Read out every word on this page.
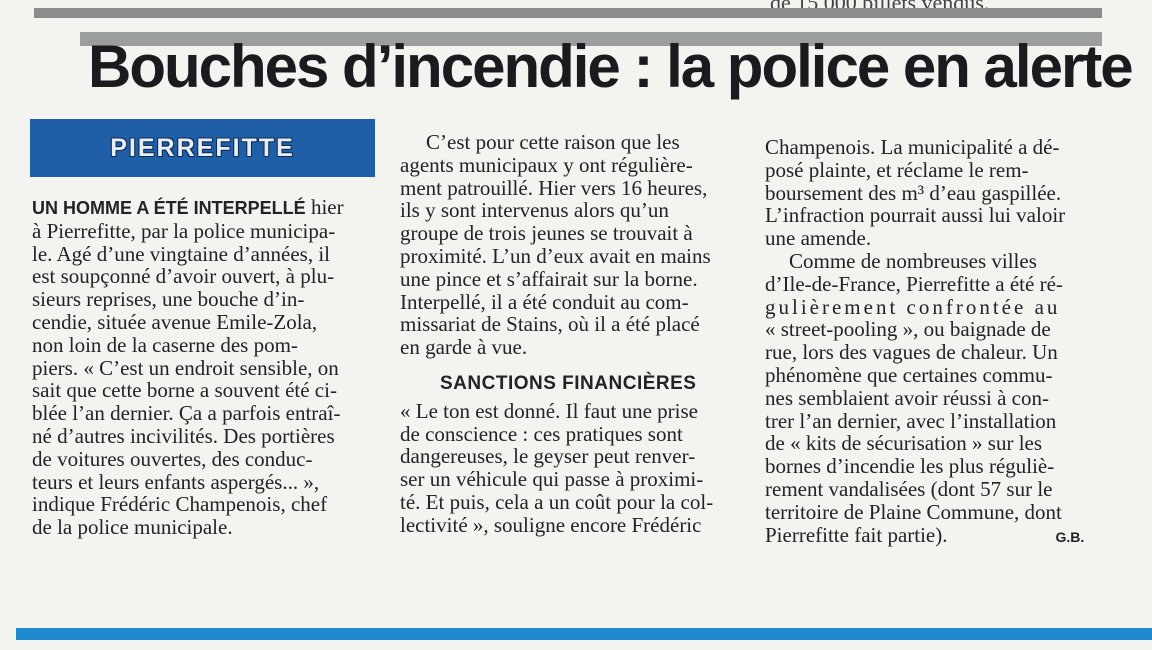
Bouches d’incendie : la police en alerte
PIERREFITTE
UN HOMME A ÉTÉ INTERPELLÉ hier
à Pierrefitte, par la police municipa-
le. Agé d’une vingtaine d’années, il
est soupçonné d’avoir ouvert, à plu-
sieurs reprises, une bouche d’in-
cendie, située avenue Emile-Zola,
non loin de la caserne des pom-
piers. « C’est un endroit sensible, on
sait que cette borne a souvent été ci-
blée l’an dernier. Ça a parfois entraî-
né d’autres incivilités. Des portières
de voitures ouvertes, des conduc-
teurs et leurs enfants aspergés... »,
indique Frédéric Champenois, chef
de la police municipale.
C’est pour cette raison que les
agents municipaux y ont régulière-
ment patrouillé. Hier vers 16 heures,
ils y sont intervenus alors qu’un
groupe de trois jeunes se trouvait à
proximité. L’un d’eux avait en mains
une pince et s’affairait sur la borne.
Interpellé, il a été conduit au com-
missariat de Stains, où il a été placé
en garde à vue.
SANCTIONS FINANCIÈRES
« Le ton est donné. Il faut une prise
de conscience : ces pratiques sont
dangereuses, le geyser peut renver-
ser un véhicule qui passe à proximi-
té. Et puis, cela a un coût pour la col-
lectivité », souligne encore Frédéric
Champenois. La municipalité a dé-
posé plainte, et réclame le rem-
boursement des m³ d’eau gaspillée.
L’infraction pourrait aussi lui valoir
une amende.
Comme de nombreuses villes
d’Ile-de-France, Pierrefitte a été ré-
gulièrement confrontée au
« street-pooling », ou baignade de
rue, lors des vagues de chaleur. Un
phénomène que certaines commu-
nes semblaient avoir réussi à con-
trer l’an dernier, avec l’installation
de « kits de sécurisation » sur les
bornes d’incendie les plus réguliè-
rement vandalisées (dont 57 sur le
territoire de Plaine Commune, dont
Pierrefitte fait partie).	G.B.
